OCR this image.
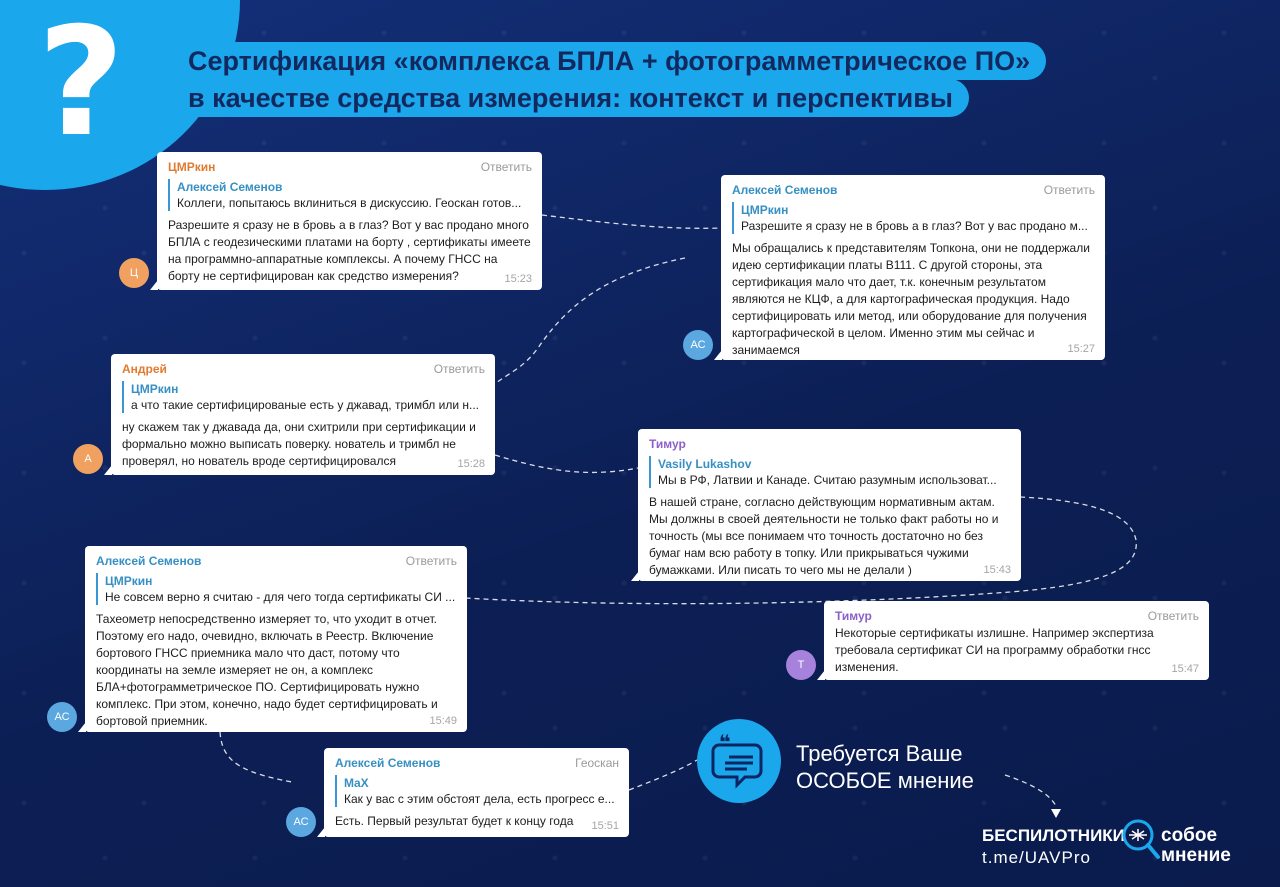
?	Сертификация «комплекса БПЛА + фотограмметрическое ПО»
в качестве средства измерения: контекст и перспективы
Ц
ЦМРкин	Ответить
Алексей Семенов
Коллеги, попытаюсь вклиниться в дискуссию. Геоскан готов...
Разрешите я сразу не в бровь а в глаз? Вот у вас продано много БПЛА с геодезическими платами на борту , сертификаты имеете на программно-аппаратные комплексы. А почему ГНСС на борту не сертифицирован как средство измерения?	15:23
АС
Алексей Семенов	Ответить
ЦМРкин
Разрешите я сразу не в бровь а в глаз? Вот у вас продано м...
Мы обращались к представителям Топкона, они не поддержали идею сертификации платы В111. С другой стороны, эта сертификация мало что дает, т.к. конечным результатом являются не КЦФ, а для картографическая продукция. Надо сертифицировать или метод, или оборудование для получения картографической в целом. Именно этим мы сейчас и занимаемся	15:27
А
Андрей	Ответить
ЦМРкин
а что такие сертифицированые есть у джавад, тримбл или н...
ну скажем так у джавада да, они схитрили при сертификации и формально можно выписать поверку. нователь и тримбл не проверял, но нователь вроде сертифицировался	15:28
Тимур
Vasily Lukashov
Мы в РФ, Латвии и Канаде. Считаю разумным использоват...
В нашей стране, согласно действующим нормативным актам. Мы должны в своей деятельности не только факт работы но и точность (мы все понимаем что точность достаточно но без бумаг нам всю работу в топку. Или прикрываться чужими бумажками. Или писать то чего мы не делали )	15:43
АС
Алексей Семенов	Ответить
ЦМРкин
Не совсем верно я считаю - для чего тогда сертификаты СИ ...
Тахеометр непосредственно измеряет то, что уходит в отчет. Поэтому его надо, очевидно, включать в Реестр. Включение бортового ГНСС приемника мало что даст, потому что координаты на земле измеряет не он, а комплекс БЛА+фотограмметрическое ПО. Сертифицировать нужно комплекс. При этом, конечно, надо будет сертифицировать и бортовой приемник.	15:49
Т
Тимур	Ответить
Некоторые сертификаты излишне. Например экспертиза требовала сертификат СИ на программу обработки гнсс изменения.	15:47
АС
Алексей Семенов	Геоскан
MaX
Как у вас с этим обстоят дела, есть прогресс е...
Есть. Первый результат будет к концу года	15:51
❝	Требуется Ваше
ОСОБОЕ мнение
БЕСПИЛОТНИКИ
t.me/UAVPro
собое
мнение
